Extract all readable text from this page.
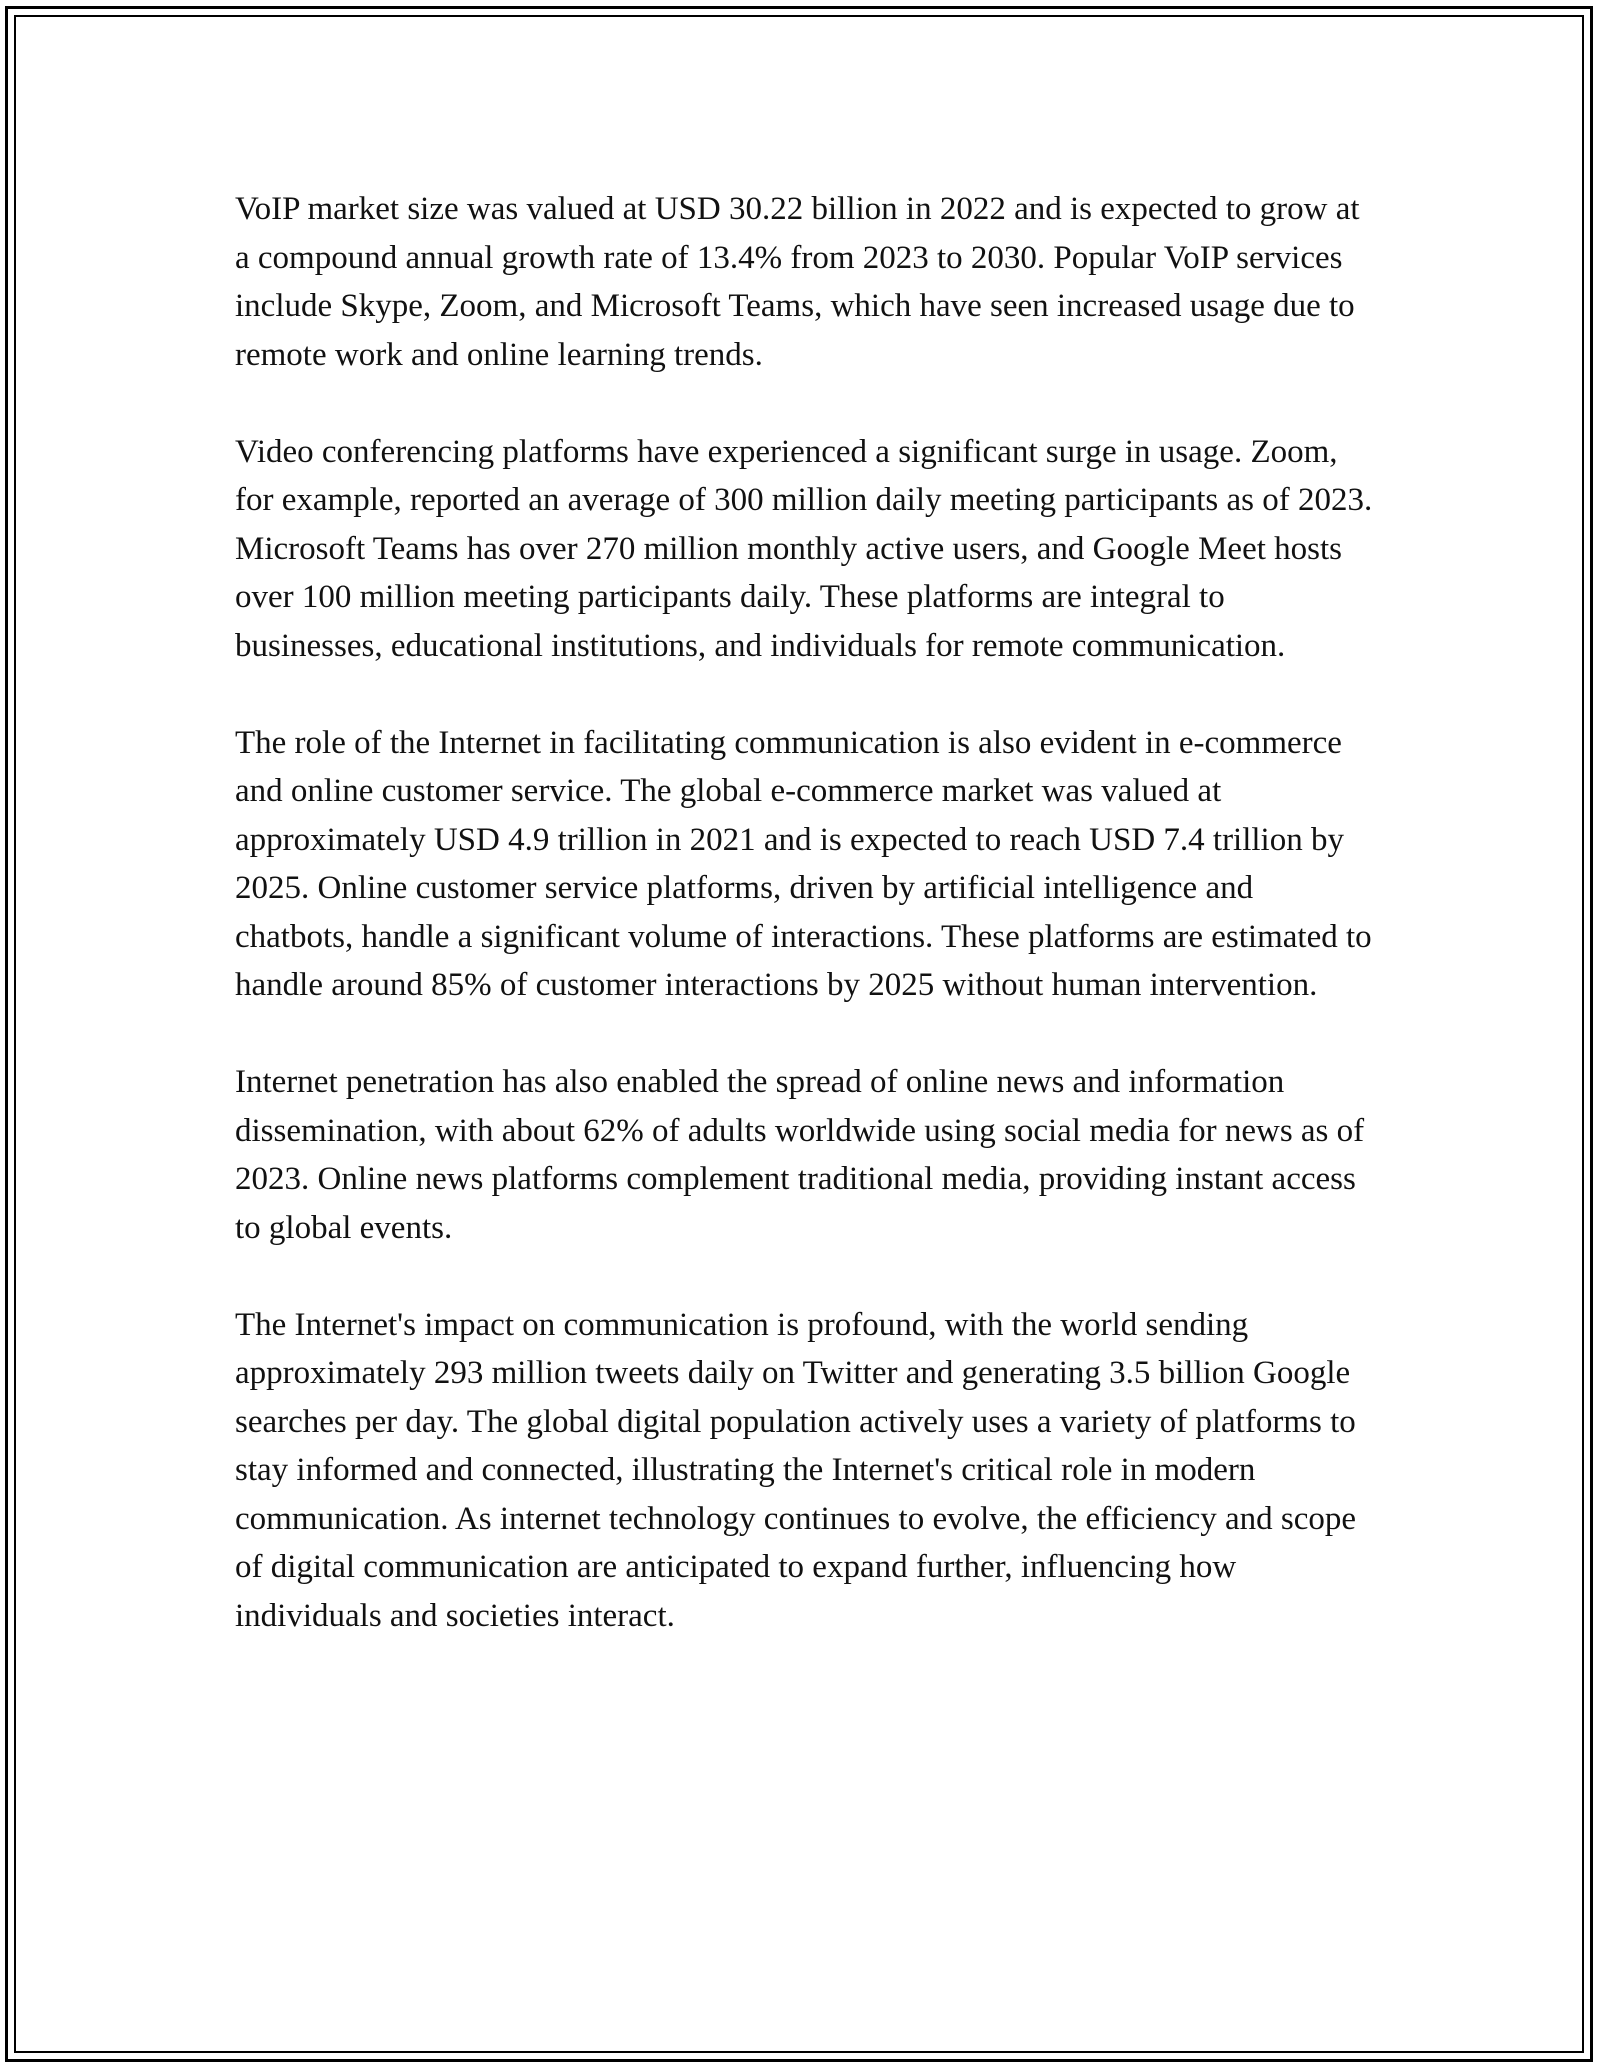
VoIP market size was valued at USD 30.22 billion in 2022 and is expected to grow at a compound annual growth rate of 13.4% from 2023 to 2030. Popular VoIP services include Skype, Zoom, and Microsoft Teams, which have seen increased usage due to remote work and online learning trends.

Video conferencing platforms have experienced a significant surge in usage. Zoom, for example, reported an average of 300 million daily meeting participants as of 2023. Microsoft Teams has over 270 million monthly active users, and Google Meet hosts over 100 million meeting participants daily. These platforms are integral to businesses, educational institutions, and individuals for remote communication.

The role of the Internet in facilitating communication is also evident in e-commerce and online customer service. The global e-commerce market was valued at approximately USD 4.9 trillion in 2021 and is expected to reach USD 7.4 trillion by 2025. Online customer service platforms, driven by artificial intelligence and chatbots, handle a significant volume of interactions. These platforms are estimated to handle around 85% of customer interactions by 2025 without human intervention.

Internet penetration has also enabled the spread of online news and information dissemination, with about 62% of adults worldwide using social media for news as of 2023. Online news platforms complement traditional media, providing instant access to global events.

The Internet's impact on communication is profound, with the world sending approximately 293 million tweets daily on Twitter and generating 3.5 billion Google searches per day. The global digital population actively uses a variety of platforms to stay informed and connected, illustrating the Internet's critical role in modern communication. As internet technology continues to evolve, the efficiency and scope of digital communication are anticipated to expand further, influencing how individuals and societies interact.
